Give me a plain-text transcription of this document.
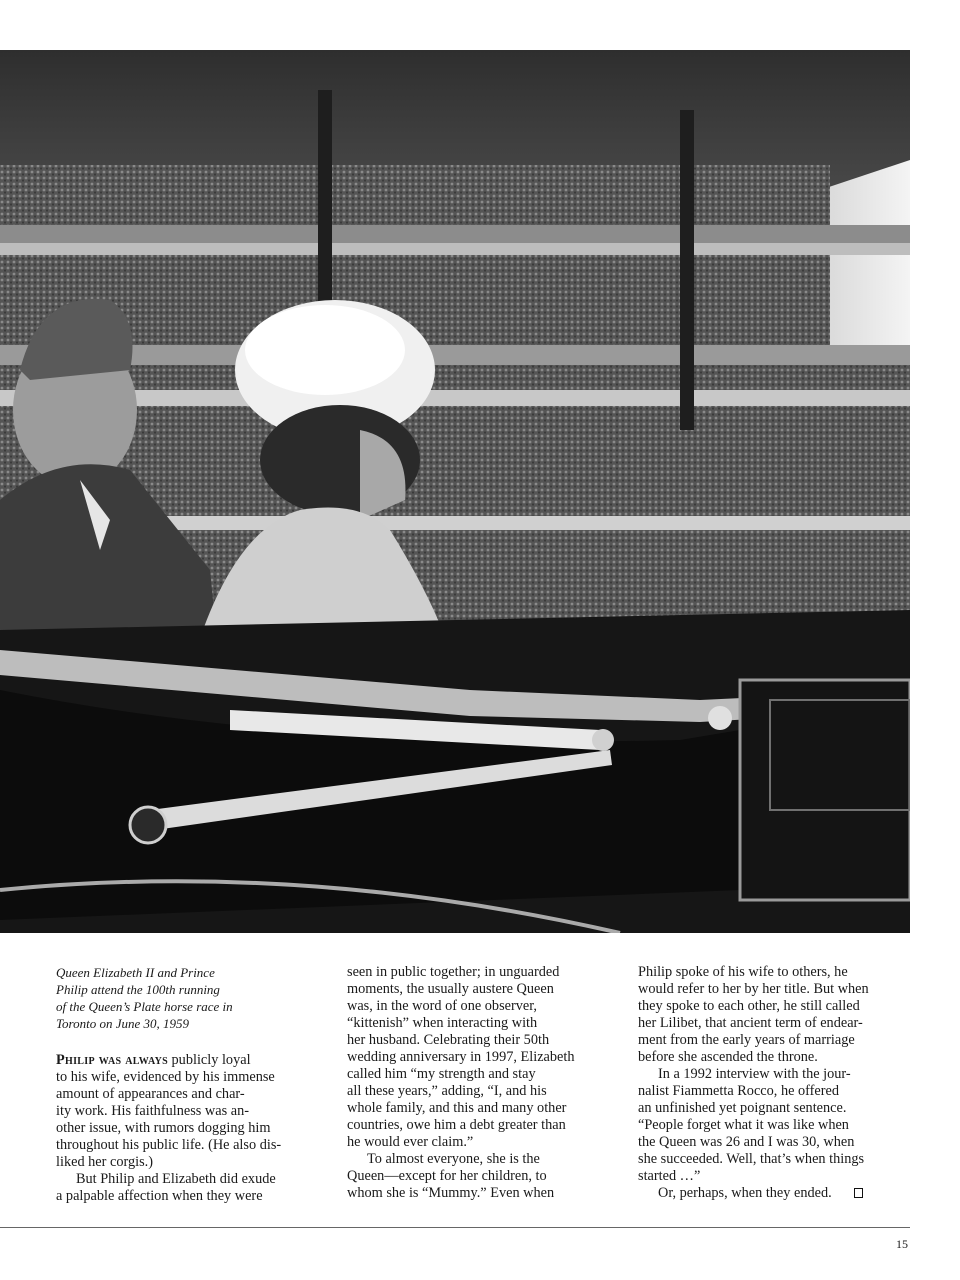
Queen Elizabeth II and Prince

Philip attend the 100th running

of the Queen’s Plate horse race in

Toronto on June 30, 1959

Philip was always publicly loyal

to his wife, evidenced by his immense

amount of appearances and char-

ity work. His faithfulness was an-

other issue, with rumors dogging him

throughout his public life. (He also dis-

liked her corgis.)

But Philip and Elizabeth did exude

a palpable affection when they were

seen in public together; in unguarded

moments, the usually austere Queen

was, in the word of one observer,

“kittenish” when interacting with

her husband. Celebrating their 50th

wedding anniversary in 1997, Elizabeth

called him “my strength and stay

all these years,” adding, “I, and his

whole family, and this and many other

countries, owe him a debt greater than

he would ever claim.”

To almost everyone, she is the

Queen—except for her children, to

whom she is “Mummy.” Even when

Philip spoke of his wife to others, he

would refer to her by her title. But when

they spoke to each other, he still called

her Lilibet, that ancient term of endear-

ment from the early years of marriage

before she ascended the throne.

In a 1992 interview with the jour-

nalist Fiammetta Rocco, he offered

an unfinished yet poignant sentence.

“People forget what it was like when

the Queen was 26 and I was 30, when

she succeeded. Well, that’s when things

started …”

Or, perhaps, when they ended.

15
